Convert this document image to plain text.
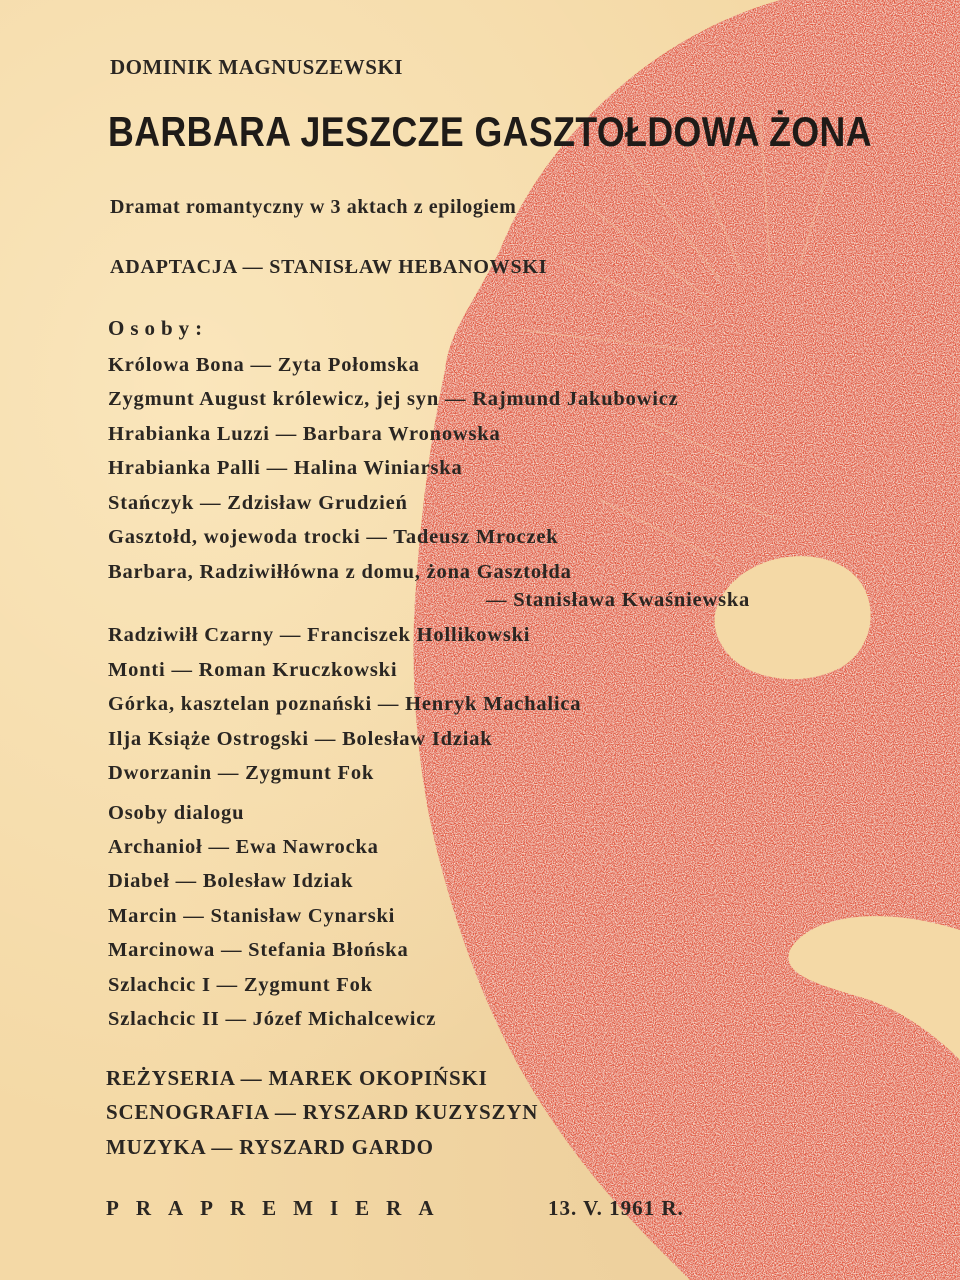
DOMINIK MAGNUSZEWSKI
BARBARA JESZCZE GASZTOŁDOWA ŻONA
Dramat romantyczny w 3 aktach z epilogiem
ADAPTACJA — STANISŁAW HEBANOWSKI
Osoby:
Królowa Bona — Zyta Połomska
Zygmunt August królewicz, jej syn — Rajmund Jakubowicz
Hrabianka Luzzi — Barbara Wronowska
Hrabianka Palli — Halina Winiarska
Stańczyk — Zdzisław Grudzień
Gasztołd, wojewoda trocki — Tadeusz Mroczek
Barbara, Radziwiłłówna z domu, żona Gasztołda
— Stanisława Kwaśniewska
Radziwiłł Czarny — Franciszek Hollikowski
Monti — Roman Kruczkowski
Górka, kasztelan poznański — Henryk Machalica
Ilja Książe Ostrogski — Bolesław Idziak
Dworzanin — Zygmunt Fok
Osoby dialogu
Archanioł — Ewa Nawrocka
Diabeł — Bolesław Idziak
Marcin — Stanisław Cynarski
Marcinowa — Stefania Błońska
Szlachcic I — Zygmunt Fok
Szlachcic II — Józef Michalcewicz
REŻYSERIA — MAREK OKOPIŃSKI
SCENOGRAFIA — RYSZARD KUZYSZYN
MUZYKA — RYSZARD GARDO
PRAPREMIERA	13. V. 1961 R.
